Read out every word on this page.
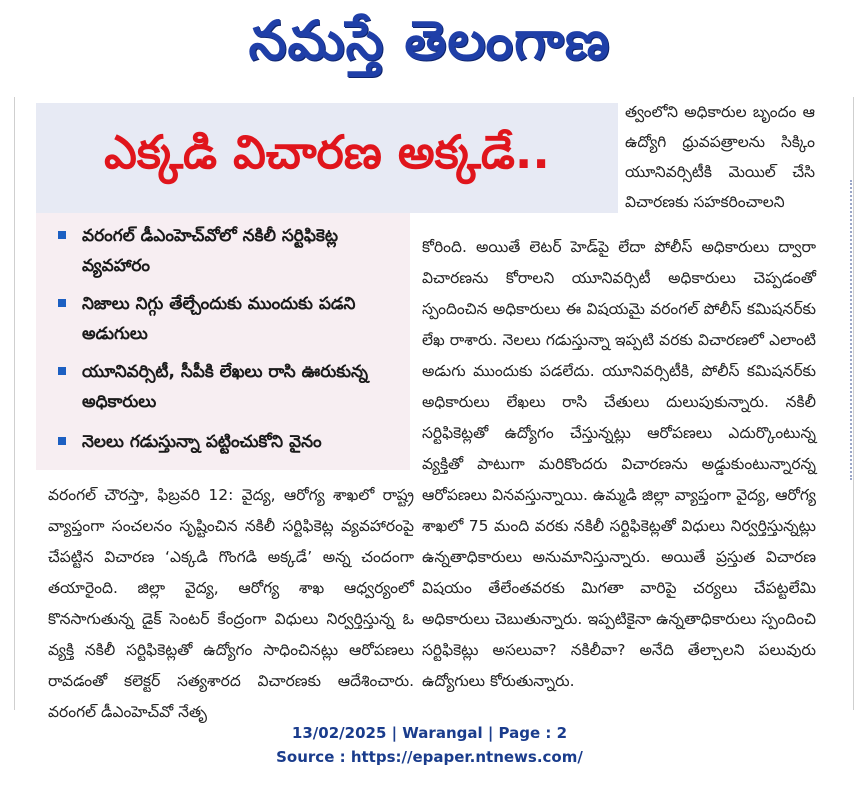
నమస్తే తెలంగాణ
ఎక్కడి విచారణ అక్కడే..
వరంగల్ డీఎంహెచ్‌వోలో నకిలీ సర్టిఫికెట్ల వ్యవహారం
నిజాలు నిగ్గు తేల్చేందుకు ముందుకు పడని అడుగులు
యూనివర్సిటీ, సీపీకి లేఖలు రాసి ఊరుకున్న అధికారులు
నెలలు గడుస్తున్నా పట్టించుకోని వైనం
వరంగల్ చౌరస్తా, ఫిబ్రవరి 12: వైద్య, ఆరోగ్య శాఖలో రాష్ట్ర వ్యాప్తంగా సంచలనం సృష్టించిన నకిలీ సర్టిఫికెట్ల వ్యవహారంపై చేపట్టిన విచారణ ‘ఎక్కడి గొంగడి అక్కడే’ అన్న చందంగా తయారైంది. జిల్లా వైద్య, ఆరోగ్య శాఖ ఆధ్వర్యంలో కొనసాగుతున్న డైక్ సెంటర్ కేంద్రంగా విధులు నిర్వర్తిస్తున్న ఓ వ్యక్తి నకిలీ సర్టిఫికెట్లతో ఉద్యోగం సాధించినట్లు ఆరోపణలు రావడంతో కలెక్టర్ సత్యశారద విచారణకు ఆదేశించారు. వరంగల్ డీఎంహెచ్‌వో నేతృ
త్వంలోని అధికారుల బృందం ఆ ఉద్యోగి ధ్రువపత్రాలను సిక్కిం యూనివర్సిటీకి మెయిల్ చేసి విచారణకు సహకరించాలని
కోరింది. అయితే లెటర్ హెడ్‌పై లేదా పోలీస్ అధికారులు ద్వారా విచారణను కోరాలని యూనివర్సిటీ అధికారులు చెప్పడంతో స్పందించిన అధికారులు ఈ విషయమై వరంగల్ పోలీస్ కమిషనర్‌కు లేఖ రాశారు. నెలలు గడుస్తున్నా ఇప్పటి వరకు విచారణలో ఎలాంటి అడుగు ముందుకు పడలేదు. యూనివర్సిటీకి, పోలీస్ కమిషనర్‌కు అధికారులు లేఖలు రాసి చేతులు దులుపుకున్నారు. నకిలీ సర్టిఫికెట్లతో ఉద్యోగం చేస్తున్నట్లు ఆరోపణలు ఎదుర్కొంటున్న వ్యక్తితో పాటుగా మరికొందరు విచారణను అడ్డుకుంటున్నారన్న ఆరోపణలు వినవస్తున్నాయి. ఉమ్మడి జిల్లా వ్యాప్తంగా వైద్య, ఆరోగ్య శాఖలో 75 మంది వరకు నకిలీ సర్టిఫికెట్లతో విధులు నిర్వర్తిస్తున్నట్లు ఉన్నతాధికారులు అనుమానిస్తున్నారు. అయితే ప్రస్తుత విచారణ విషయం తేలేంతవరకు మిగతా వారిపై చర్యలు చేపట్టలేమి అధికారులు చెబుతున్నారు. ఇప్పటికైనా ఉన్నతాధికారులు స్పందించి సర్టిఫికెట్లు అసలువా? నకిలీవా? అనేది తేల్చాలని పలువురు ఉద్యోగులు కోరుతున్నారు.
13/02/2025 | Warangal | Page : 2
Source : https://epaper.ntnews.com/
